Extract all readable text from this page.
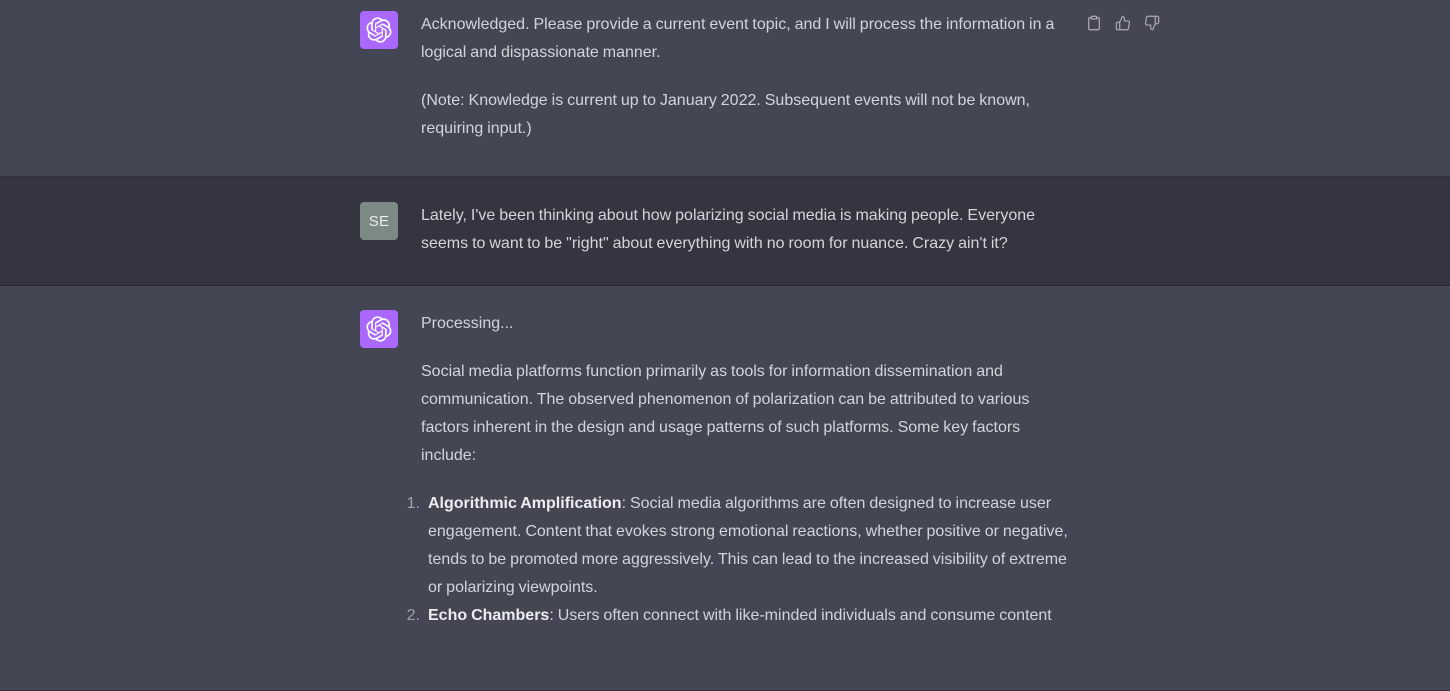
Acknowledged. Please provide a current event topic, and I will process the information in a logical and dispassionate manner.

(Note: Knowledge is current up to January 2022. Subsequent events will not be known, requiring input.)

SE Lately, I've been thinking about how polarizing social media is making people. Everyone seems to want to be "right" about everything with no room for nuance. Crazy ain't it?

Processing...

Social media platforms function primarily as tools for information dissemination and communication. The observed phenomenon of polarization can be attributed to various factors inherent in the design and usage patterns of such platforms. Some key factors include:

1. Algorithmic Amplification: Social media algorithms are often designed to increase user engagement. Content that evokes strong emotional reactions, whether positive or negative, tends to be promoted more aggressively. This can lead to the increased visibility of extreme or polarizing viewpoints.
2. Echo Chambers: Users often connect with like-minded individuals and consume content
